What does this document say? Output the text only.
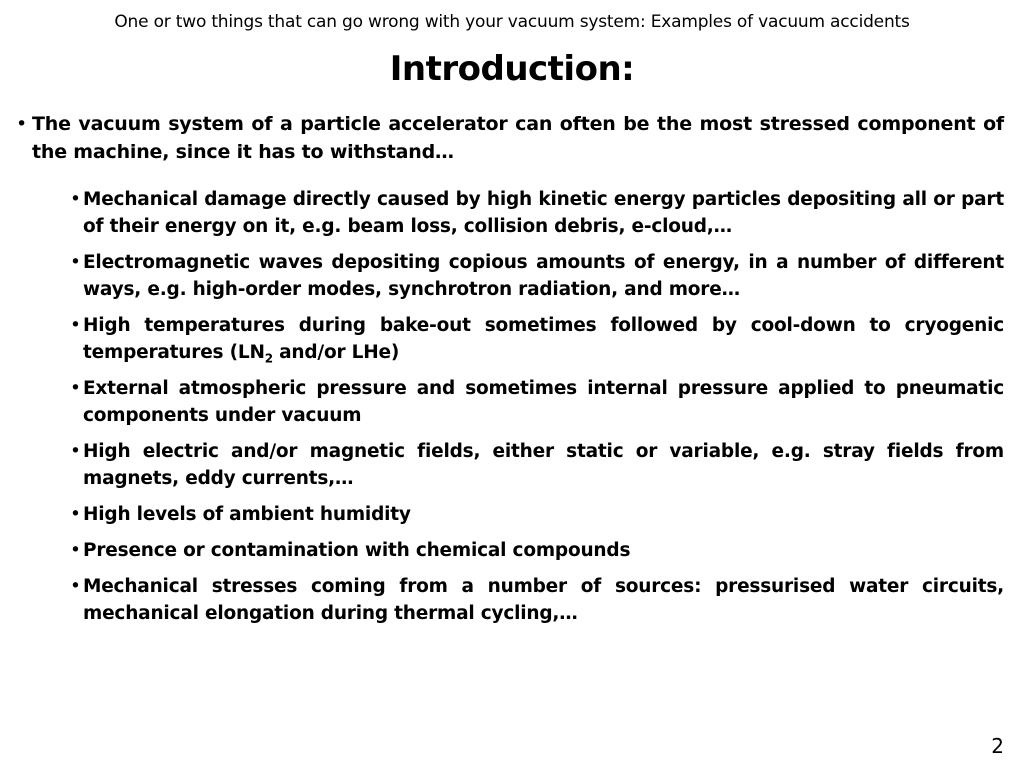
One or two things that can go wrong with your vacuum system: Examples of vacuum accidents
Introduction:
• The vacuum system of a particle accelerator can often be the most stressed component of the machine, since it has to withstand…
• Mechanical damage directly caused by high kinetic energy particles depositing all or part of their energy on it, e.g. beam loss, collision debris, e-cloud,…
• Electromagnetic waves depositing copious amounts of energy, in a number of different ways, e.g. high-order modes, synchrotron radiation, and more…
• High temperatures during bake-out sometimes followed by cool-down to cryogenic temperatures ($LN_2$ and/or LHe)
• External atmospheric pressure and sometimes internal pressure applied to pneumatic components under vacuum
• High electric and/or magnetic fields, either static or variable, e.g. stray fields from magnets, eddy currents,…
• High levels of ambient humidity
• Presence or contamination with chemical compounds
• Mechanical stresses coming from a number of sources: pressurised water circuits, mechanical elongation during thermal cycling,…
2
